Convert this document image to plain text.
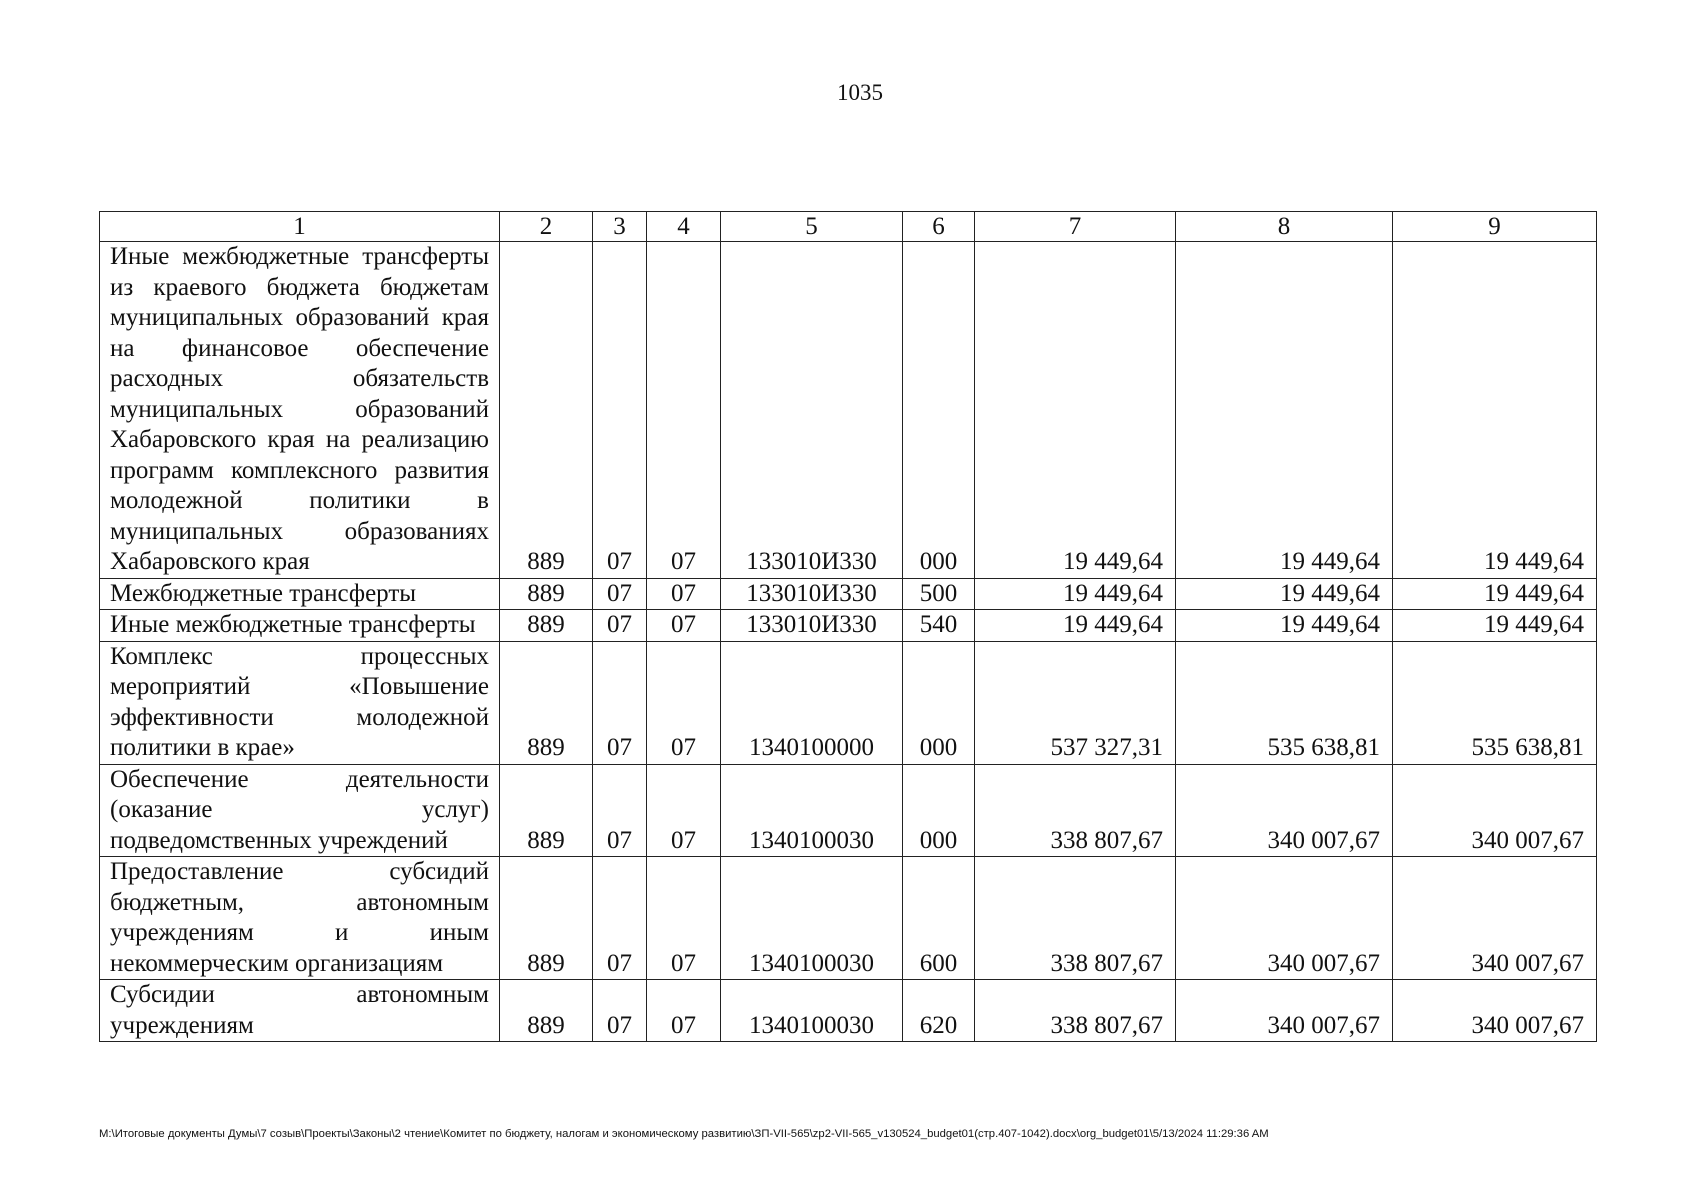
1035
1	2	3	4	5	6	7	8	9
Иные межбюджетные трансферты из краевого бюджета бюджетам муниципальных образований края на финансовое обеспечение расходных обязательств муниципальных образований Хабаровского края на реализацию программ комплексного развития молодежной политики в муниципальных образованиях Хабаровского края	889	07	07	133010И330	000	19 449,64	19 449,64	19 449,64
Межбюджетные трансферты	889	07	07	133010И330	500	19 449,64	19 449,64	19 449,64
Иные межбюджетные трансферты	889	07	07	133010И330	540	19 449,64	19 449,64	19 449,64
Комплекс процессных мероприятий «Повышение эффективности молодежной политики в крае»	889	07	07	1340100000	000	537 327,31	535 638,81	535 638,81
Обеспечение деятельности (оказание услуг) подведомственных учреждений	889	07	07	1340100030	000	338 807,67	340 007,67	340 007,67
Предоставление субсидий бюджетным, автономным учреждениям и иным некоммерческим организациям	889	07	07	1340100030	600	338 807,67	340 007,67	340 007,67
Субсидии автономным учреждениям	889	07	07	1340100030	620	338 807,67	340 007,67	340 007,67
M:\Итоговые документы Думы\7 созыв\Проекты\Законы\2 чтение\Комитет по бюджету, налогам и экономическому развитию\ЗП-VII-565\zp2-VII-565_v130524_budget01(стр.407-1042).docx\org_budget01\5/13/2024 11:29:36 AM
